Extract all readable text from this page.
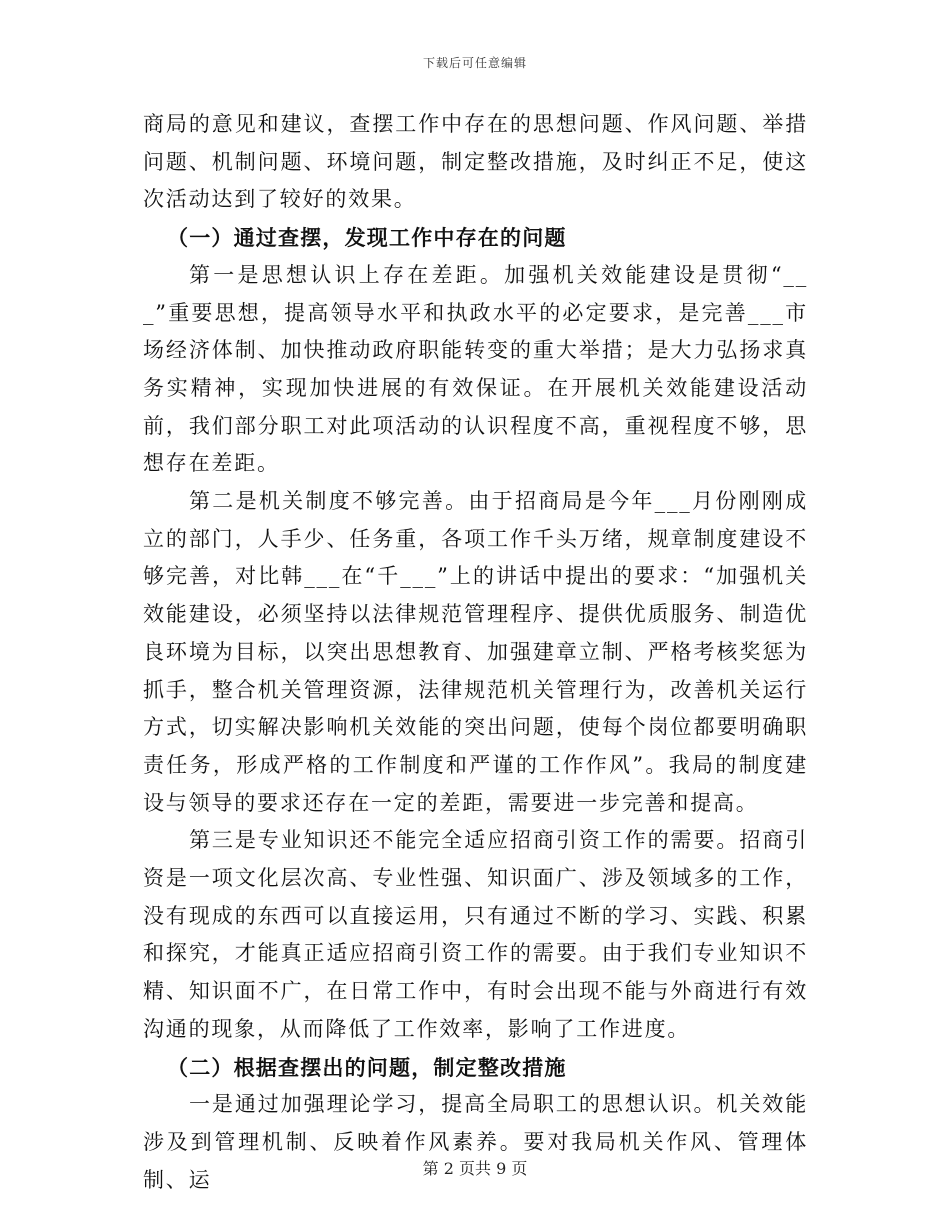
下载后可任意编辑

商局的意见和建议，查摆工作中存在的思想问题、作风问题、举措问题、机制问题、环境问题，制定整改措施，及时纠正不足，使这次活动达到了较好的效果。

（一）通过查摆，发现工作中存在的问题

第一是思想认识上存在差距。加强机关效能建设是贯彻“___”重要思想，提高领导水平和执政水平的必定要求，是完善___市场经济体制、加快推动政府职能转变的重大举措；是大力弘扬求真务实精神，实现加快进展的有效保证。在开展机关效能建设活动前，我们部分职工对此项活动的认识程度不高，重视程度不够，思想存在差距。

第二是机关制度不够完善。由于招商局是今年___月份刚刚成立的部门，人手少、任务重，各项工作千头万绪，规章制度建设不够完善，对比韩___在“千___”上的讲话中提出的要求：“加强机关效能建设，必须坚持以法律规范管理程序、提供优质服务、制造优良环境为目标，以突出思想教育、加强建章立制、严格考核奖惩为抓手，整合机关管理资源，法律规范机关管理行为，改善机关运行方式，切实解决影响机关效能的突出问题，使每个岗位都要明确职责任务，形成严格的工作制度和严谨的工作作风”。我局的制度建设与领导的要求还存在一定的差距，需要进一步完善和提高。

第三是专业知识还不能完全适应招商引资工作的需要。招商引资是一项文化层次高、专业性强、知识面广、涉及领域多的工作，没有现成的东西可以直接运用，只有通过不断的学习、实践、积累和探究，才能真正适应招商引资工作的需要。由于我们专业知识不精、知识面不广，在日常工作中，有时会出现不能与外商进行有效沟通的现象，从而降低了工作效率，影响了工作进度。

（二）根据查摆出的问题，制定整改措施

一是通过加强理论学习，提高全局职工的思想认识。机关效能涉及到管理机制、反映着作风素养。要对我局机关作风、管理体制、运	第 2 页共 9 页
